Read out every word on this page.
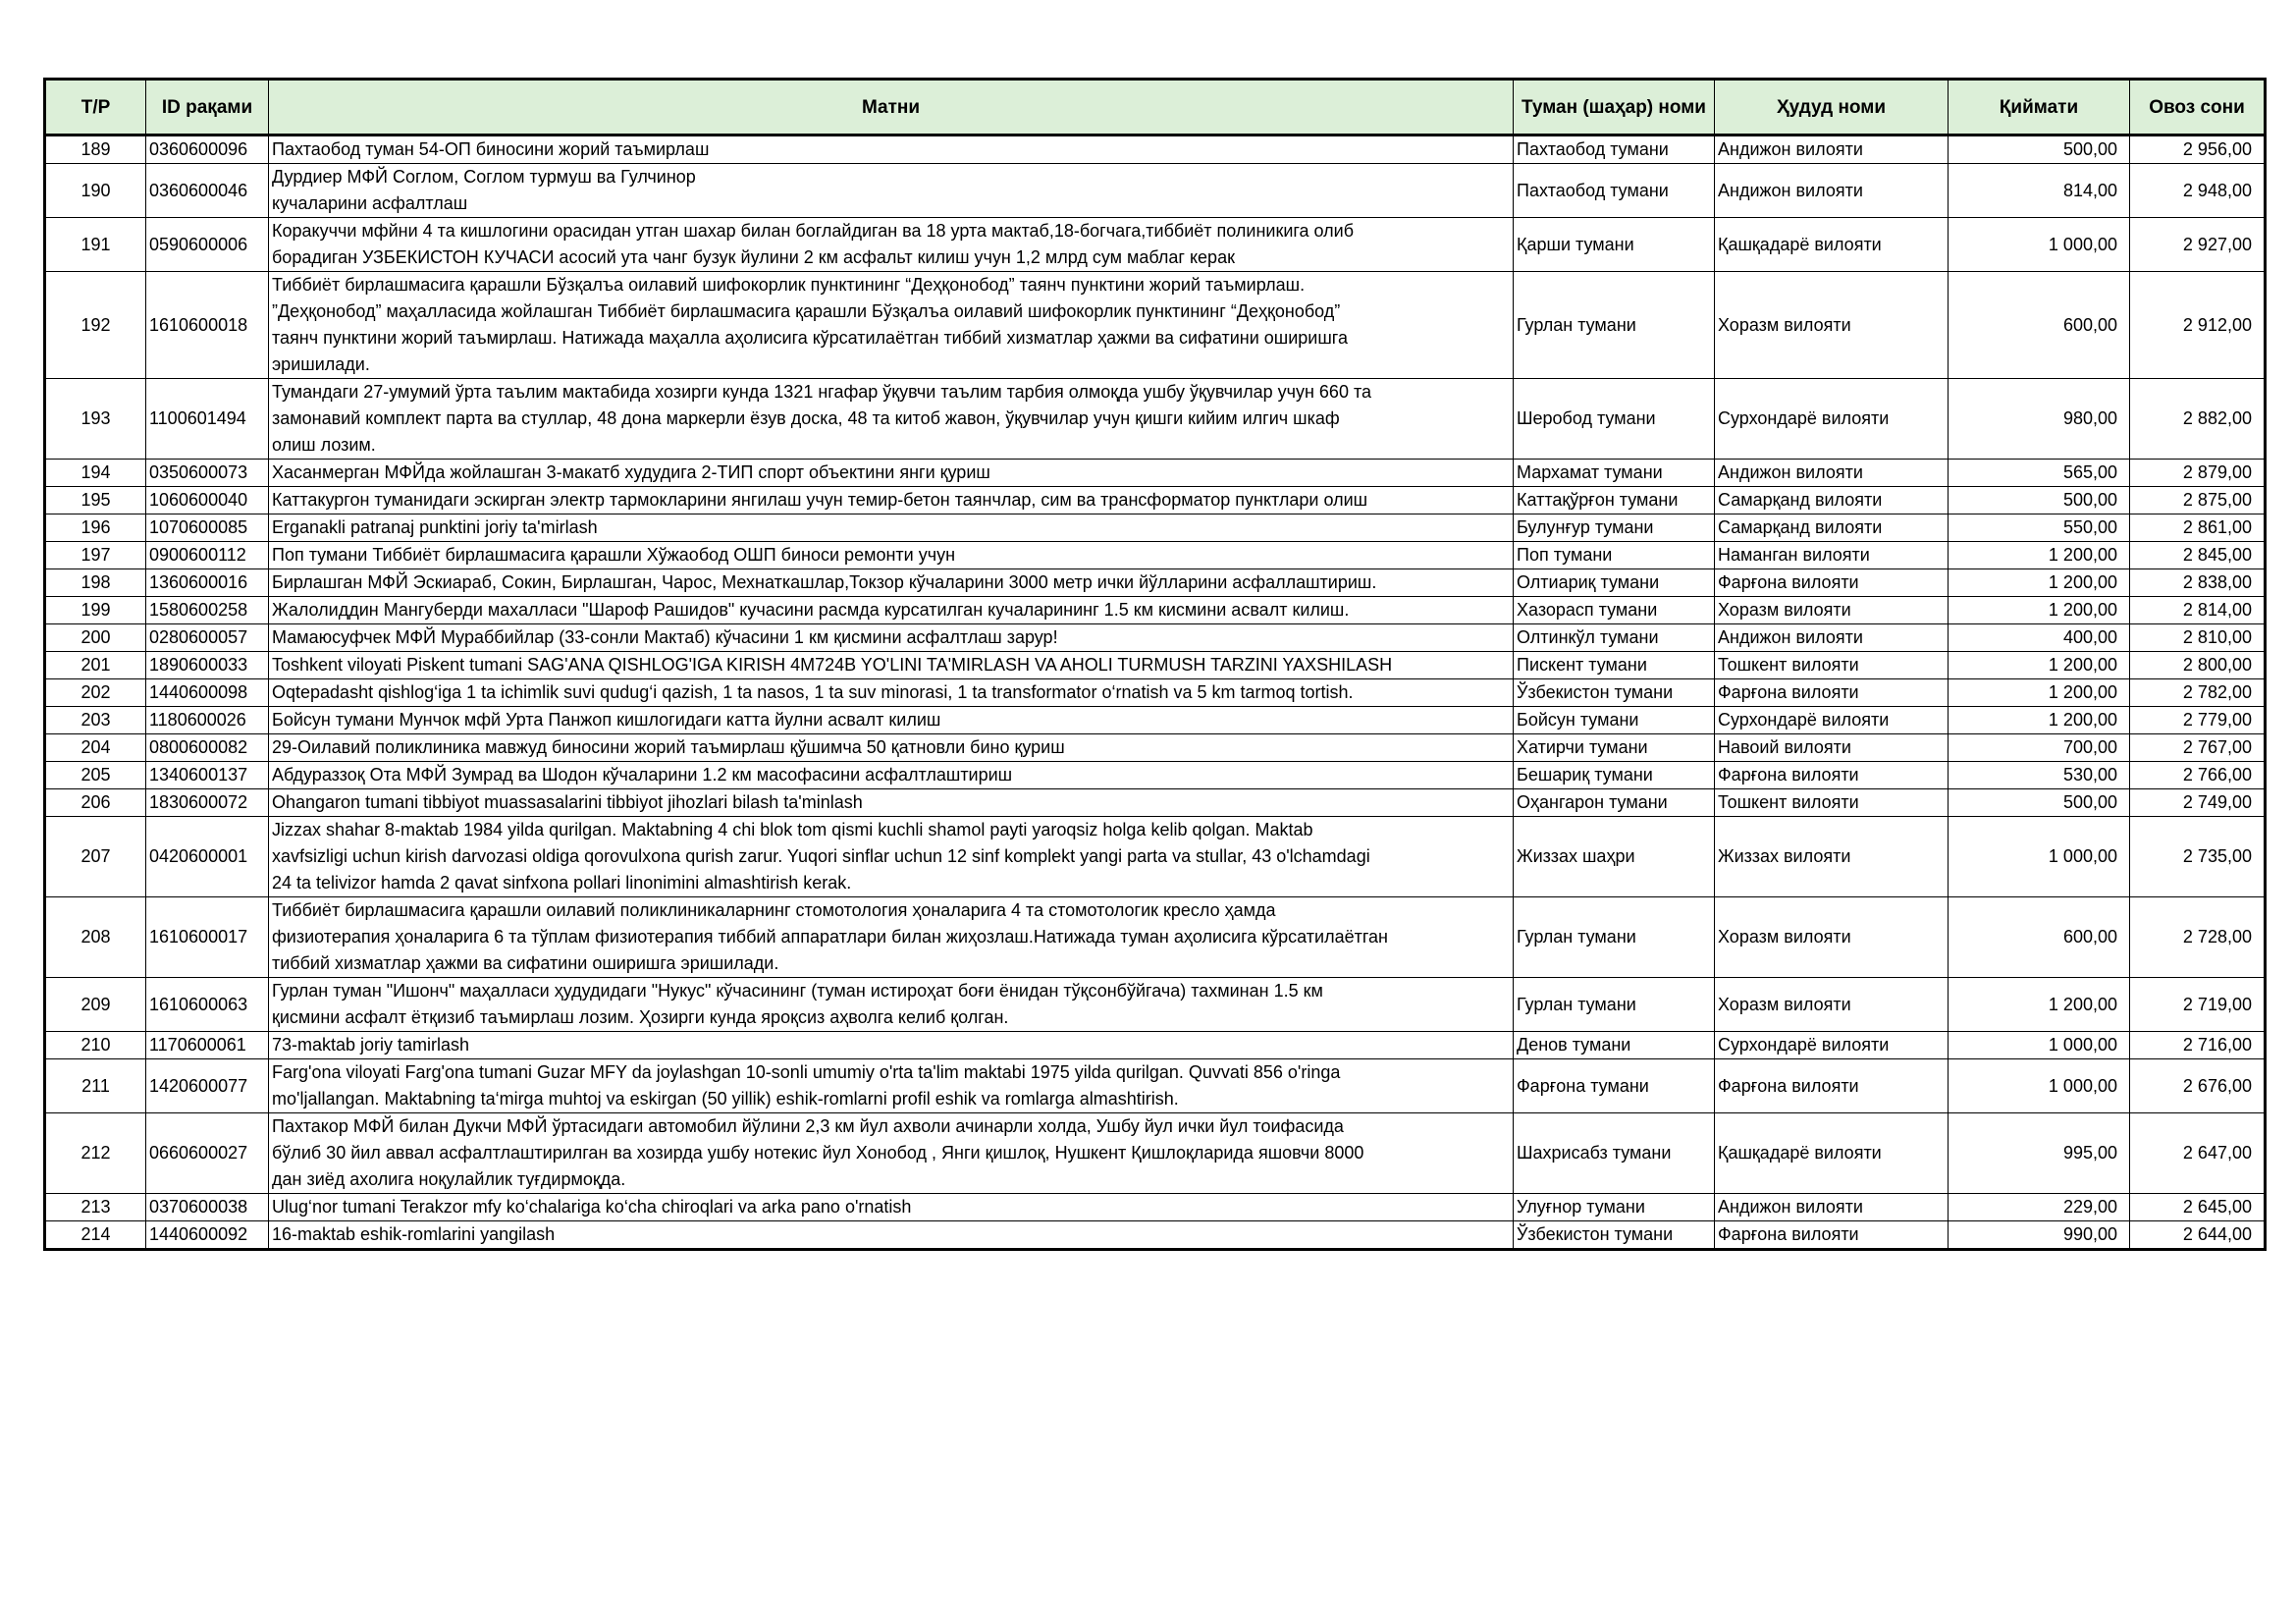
Т/Р	ID рақами	Матни	Туман (шаҳар) номи	Ҳудуд номи	Қиймати	Овоз сони
189	0360600096	Пахтаобод туман 54-ОП биносини жорий таъмирлаш	Пахтаобод тумани	Андижон вилояти	500,00	2 956,00
190	0360600046	Дурдиер МФЙ Соглом, Соглом турмуш ва Гулчинор
кучаларини асфалтлаш	Пахтаобод тумани	Андижон вилояти	814,00	2 948,00
191	0590600006	Коракуччи мфйни 4 та кишлогини орасидан утган шахар билан боглайдиган ва 18 урта мактаб,18-богчага,тиббиёт полиникига олиб
борадиган УЗБЕКИСТОН КУЧАСИ асосий ута чанг бузук йулини 2 км асфальт килиш учун 1,2 млрд сум маблаг керак	Қарши тумани	Қашқадарё вилояти	1 000,00	2 927,00
192	1610600018	Тиббиёт бирлашмасига қарашли Бўзқалъа оилавий шифокорлик пунктининг “Деҳқонобод” таянч пунктини жорий таъмирлаш.
”Деҳқонобод” маҳалласида жойлашган Тиббиёт бирлашмасига қарашли Бўзқалъа оилавий шифокорлик пунктининг “Деҳқонобод”
таянч пунктини жорий таъмирлаш. Натижада маҳалла аҳолисига кўрсатилаётган тиббий хизматлар ҳажми ва сифатини оширишга
эришилади.	Гурлан тумани	Хоразм вилояти	600,00	2 912,00
193	1100601494	Тумандаги 27-умумий ўрта таълим мактабида хозирги кунда 1321 нгафар ўқувчи таълим тарбия олмоқда ушбу ўқувчилар учун 660 та
замонавий комплект парта ва стуллар, 48 дона маркерли ёзув доска, 48 та китоб жавон, ўқувчилар учун қишги кийим илгич шкаф
олиш лозим.	Шеробод тумани	Сурхондарё вилояти	980,00	2 882,00
194	0350600073	Хасанмерган МФЙда жойлашган 3-макатб худудига 2-ТИП спорт объектини янги қуриш	Мархамат тумани	Андижон вилояти	565,00	2 879,00
195	1060600040	Каттакургон туманидаги эскирган электр тармокларини янгилаш учун темир-бетон таянчлар, сим ва трансформатор пунктлари олиш	Каттақўрғон тумани	Самарқанд вилояти	500,00	2 875,00
196	1070600085	Erganakli patranaj punktini joriy ta'mirlash	Булунғур тумани	Самарқанд вилояти	550,00	2 861,00
197	0900600112	Поп тумани Тиббиёт бирлашмасига қарашли Хўжаобод ОШП биноси ремонти учун	Поп тумани	Наманган вилояти	1 200,00	2 845,00
198	1360600016	Бирлашган МФЙ Эскиараб, Сокин, Бирлашган, Чарос, Мехнаткашлар,Токзор кўчаларини 3000 метр ички йўлларини асфаллаштириш.	Олтиариқ тумани	Фарғона вилояти	1 200,00	2 838,00
199	1580600258	Жалолиддин Мангуберди махалласи "Шароф Рашидов" кучасини расмда курсатилган кучаларининг 1.5 км кисмини асвалт килиш.	Хазорасп тумани	Хоразм вилояти	1 200,00	2 814,00
200	0280600057	Мамаюсуфчек МФЙ Мураббийлар (33-сонли Мактаб) кўчасини 1 км қисмини асфалтлаш зарур!	Олтинкўл тумани	Андижон вилояти	400,00	2 810,00
201	1890600033	Toshkent viloyati Piskent tumani SAG'ANA QISHLOG'IGA KIRISH 4M724B YO'LINI TA'MIRLASH VA AHOLI TURMUSH TARZINI YAXSHILASH	Пискент тумани	Тошкент вилояти	1 200,00	2 800,00
202	1440600098	Oqtepadasht qishlog‘iga 1 ta ichimlik suvi qudug‘i qazish, 1 ta nasos, 1 ta suv minorasi, 1 ta transformator o‘rnatish va 5 km tarmoq tortish.	Ўзбекистон тумани	Фарғона вилояти	1 200,00	2 782,00
203	1180600026	Бойсун тумани Мунчок мфй Урта Панжоп кишлогидаги катта йулни асвалт килиш	Бойсун тумани	Сурхондарё вилояти	1 200,00	2 779,00
204	0800600082	29-Оилавий поликлиника мавжуд биносини жорий таъмирлаш қўшимча 50 қатновли бино қуриш	Хатирчи тумани	Навоий вилояти	700,00	2 767,00
205	1340600137	Абдураззоқ Ота МФЙ Зумрад ва Шодон кўчаларини 1.2 км масофасини асфалтлаштириш	Бешариқ тумани	Фарғона вилояти	530,00	2 766,00
206	1830600072	Ohangaron tumani tibbiyot muassasalarini tibbiyot jihozlari bilash ta'minlash	Оҳангарон тумани	Тошкент вилояти	500,00	2 749,00
207	0420600001	Jizzax shahar 8-maktab 1984 yilda qurilgan. Maktabning 4 chi blok tom qismi kuchli shamol payti yaroqsiz holga kelib qolgan. Maktab
xavfsizligi uchun kirish darvozasi oldiga qorovulxona qurish zarur. Yuqori sinflar uchun 12 sinf komplekt yangi parta va stullar, 43 o'lchamdagi
24 ta telivizor hamda 2 qavat sinfxona pollari linonimini almashtirish kerak.	Жиззах шаҳри	Жиззах вилояти	1 000,00	2 735,00
208	1610600017	Тиббиёт бирлашмасига қарашли оилавий поликлиникаларнинг стомотология ҳоналарига 4 та стомотологик кресло ҳамда
физиотерапия ҳоналарига 6 та тўплам физиотерапия тиббий аппаратлари билан жиҳозлаш.Натижада туман аҳолисига кўрсатилаётган
тиббий хизматлар ҳажми ва сифатини оширишга эришилади.	Гурлан тумани	Хоразм вилояти	600,00	2 728,00
209	1610600063	Гурлан туман "Ишонч" маҳалласи ҳудудидаги "Нукус" кўчасининг (туман истироҳат боғи ёнидан тўқсонбўйгача) тахминан 1.5 км
қисмини асфалт ётқизиб таъмирлаш лозим. Ҳозирги кунда яроқсиз аҳволга келиб қолган.	Гурлан тумани	Хоразм вилояти	1 200,00	2 719,00
210	1170600061	73-maktab joriy tamirlash	Денов тумани	Сурхондарё вилояти	1 000,00	2 716,00
211	1420600077	Farg'ona viloyati Farg'ona tumani Guzar MFY da joylashgan 10-sonli umumiy o'rta ta'lim maktabi 1975 yilda qurilgan. Quvvati 856 o'ringa
mo'ljallangan. Maktabning ta‘mirga muhtoj va eskirgan (50 yillik) eshik-romlarni profil eshik va romlarga almashtirish.	Фарғона тумани	Фарғона вилояти	1 000,00	2 676,00
212	0660600027	Пахтакор МФЙ билан Дукчи МФЙ ўртасидаги автомобил йўлини 2,3 км йул ахволи ачинарли холда, Ушбу йул ички йул тоифасида
бўлиб 30 йил аввал асфалтлаштирилган ва хозирда ушбу нотекис йул Хонобод , Янги қишлоқ, Нушкент Қишлоқларида яшовчи 8000
дан зиёд ахолига ноқулайлик туғдирмоқда.	Шахрисабз тумани	Қашқадарё вилояти	995,00	2 647,00
213	0370600038	Ulug‘nor tumani Terakzor mfy ko‘chalariga ko‘cha chiroqlari va arka pano o'rnatish	Улуғнор тумани	Андижон вилояти	229,00	2 645,00
214	1440600092	16-maktab eshik-romlarini yangilash	Ўзбекистон тумани	Фарғона вилояти	990,00	2 644,00
